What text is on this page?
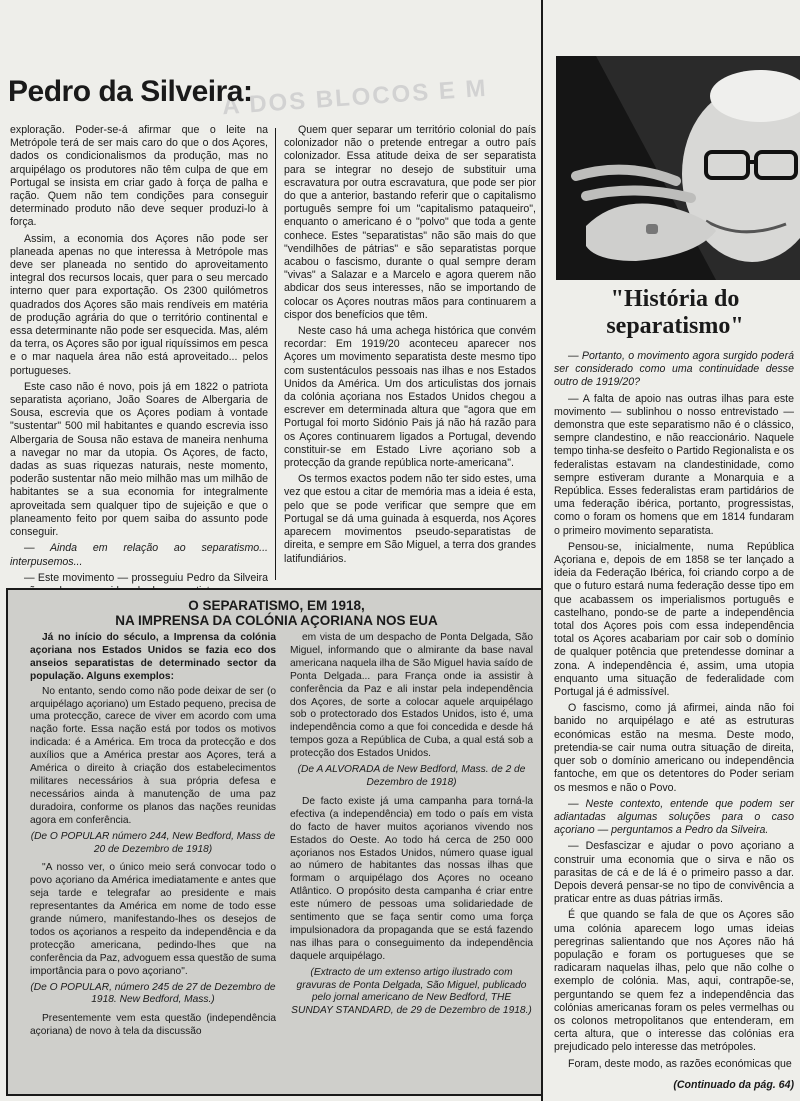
A DOS BLOCOS E M
Pedro da Silveira:

exploração. Poder-se-á afirmar que o leite na Metrópole terá de ser mais caro do que o dos Açores, dados os condicionalismos da produção, mas no arquipélago os produtores não têm culpa de que em Portugal se insista em criar gado à força de palha e ração. Quem não tem condições para conseguir determinado produto não deve sequer produzi-lo à força.

Assim, a economia dos Açores não pode ser planeada apenas no que interessa à Metrópole mas deve ser planeada no sentido do aproveitamento integral dos recursos locais, quer para o seu mercado interno quer para exportação. Os 2300 quilómetros quadrados dos Açores são mais rendíveis em matéria de produção agrária do que o território continental e essa determinante não pode ser esquecida. Mas, além da terra, os Açores são por igual riquíssimos em pesca e o mar naquela área não está aproveitado... pelos portugueses.

Este caso não é novo, pois já em 1822 o patriota separatista açoriano, João Soares de Albergaria de Sousa, escrevia que os Açores podiam à vontade "sustentar" 500 mil habitantes e quando escrevia isso Albergaria de Sousa não estava de maneira nenhuma a navegar no mar da utopia. Os Açores, de facto, dadas as suas riquezas naturais, neste momento, poderão sustentar não meio milhão mas um milhão de habitantes se a sua economia for integralmente aproveitada sem qualquer tipo de sujeição e que o planeamento feito por quem saiba do assunto pode conseguir.

— Ainda em relação ao separatismo... interpusemos...

— Este movimento — prosseguiu Pedro da Silveira

Quem quer separar um território colonial do país colonizador não o pretende entregar a outro país colonizador. Essa atitude deixa de ser separatista para se integrar no desejo de substituir uma escravatura por outra escravatura, que pode ser pior do que a anterior, bastando referir que o capitalismo português sempre foi um "capitalismo pataqueiro", enquanto o americano é o "polvo" que toda a gente conhece. Estes "separatistas" não são mais do que "vendilhões de pátrias" e são separatistas porque acabou o fascismo, durante o qual sempre deram "vivas" a Salazar e a Marcelo e agora querem não abdicar dos seus interesses, não se importando de colocar os Açores noutras mãos para continuarem a cispor dos benefícios que têm.

Neste caso há uma achega histórica que convém recordar: Em 1919/20 aconteceu aparecer nos Açores um movimento separatista deste mesmo tipo com sustentáculos pessoais nas ilhas e nos Estados Unidos da América. Um dos articulistas dos jornais da colónia açoriana nos Estados Unidos chegou a escrever em determinada altura que "agora que em Portugal foi morto Sidónio Pais já não há razão para os Açores continuarem ligados a Portugal, devendo constituir-se em Estado Livre açoriano sob a protecção da grande república norte-americana".

Os termos exactos podem não ter sido estes, uma vez que estou a citar de memória mas a ideia é esta, pelo que se pode verificar que sempre que em Portugal se dá uma guinada à esquerda, nos Açores aparecem movimentos pseudo-separatistas de direita, e sempre em São Miguel, a terra dos grandes latifundiários.

"História do separatismo"

— Portanto, o movimento agora surgido poderá ser considerado como uma continuidade desse outro de 1919/20?

— A falta de apoio nas outras ilhas para este movimento — sublinhou o nosso entrevistado — demonstra que este separatismo não é o clássico, sempre clandestino, e não reaccionário. Naquele tempo tinha-se desfeito o Partido Regionalista e os federalistas estavam na clandestinidade, como sempre estiveram durante a Monarquia e a República. Esses federalistas eram partidários de uma federação ibérica, portanto, progressistas, como o foram os homens que em 1814 fundaram o primeiro movimento separatista.

Pensou-se, inicialmente, numa República Açoriana e, depois de em 1858 se ter lançado a ideia da Federação Ibérica, foi criando corpo a de que o futuro estará numa federação desse tipo em que acabassem os imperialismos português e castelhano, pondo-se de parte a independência total dos Açores pois com essa independência total os Açores acabariam por cair sob o domínio de qualquer potência que pretendesse dominar a zona. A independência é, assim, uma utopia enquanto uma situação de federalidade com Portugal já é admissível.

O fascismo, como já afirmei, ainda não foi banido no arquipélago e até as estruturas económicas estão na mesma. Deste modo, pretendia-se cair numa outra situação de direita, quer sob o domínio americano ou independência fantoche, em que os detentores do Poder seriam os mesmos e não o Povo.

— Neste contexto, entende que podem ser adiantadas algumas soluções para o caso açoriano — perguntamos a Pedro da Silveira.

— Desfascizar e ajudar o povo açoriano a construir uma economia que o sirva e não os parasitas de cá e de lá é o primeiro passo a dar. Depois deverá pensar-se no tipo de convivência a praticar entre as duas pátrias irmãs.

É que quando se fala de que os Açores são uma colónia aparecem logo umas ideias peregrinas salientando que nos Açores não há população e foram os portugueses que se radicaram naquelas ilhas, pelo que não colhe o exemplo de colónia. Mas, aqui, contrapõe-se, perguntando se quem fez a independência das colónias americanas foram os peles vermelhas ou os colonos metropolitanos que entenderam, em certa altura, que o interesse das colónias era prejudicado pelo interesse das metrópoles.

Foram, deste modo, as razões económicas que

(Continuado da pág. 64)

O SEPARATISMO, EM 1918,
NA IMPRENSA DA COLÓNIA AÇORIANA NOS EUA

Já no início do século, a Imprensa da colónia açoriana nos Estados Unidos se fazia eco dos anseios separatistas de determinado sector da população. Alguns exemplos:

No entanto, sendo como não pode deixar de ser (o arquipélago açoriano) um Estado pequeno, precisa de uma protecção, carece de viver em acordo com uma nação forte. Essa nação está por todos os motivos indicada: é a América. Em troca da protecção e dos auxílios que a América prestar aos Açores, terá a América o direito à criação dos estabelecimentos militares necessários à sua própria defesa e necessários ainda à manutenção de uma paz duradoira, conforme os planos das nações reunidas agora em conferência.

(De O POPULAR número 244, New Bedford, Mass de 20 de Dezembro de 1918)

"A nosso ver, o único meio será convocar todo o povo açoriano da América imediatamente e antes que seja tarde e telegrafar ao presidente e mais representantes da América em nome de todo esse grande número, manifestando-lhes os desejos de todos os açorianos a respeito da independência e da protecção americana, pedindo-lhes que na conferência da Paz, advoguem essa questão de suma importância para o povo açoriano".

(De O POPULAR, número 245 de 27 de Dezembro de 1918. New Bedford, Mass.)

Presentemente vem esta questão (independência açoriana) de novo à tela da discussão

em vista de um despacho de Ponta Delgada, São Miguel, informando que o almirante da base naval americana naquela ilha de São Miguel havia saído de Ponta Delgada... para França onde ia assistir à conferência da Paz e ali instar pela independência dos Açores, de sorte a colocar aquele arquipélago sob o protectorado dos Estados Unidos, isto é, uma independência como a que foi concedida e desde há tempos goza a República de Cuba, a qual está sob a protecção dos Estados Unidos.

(De A ALVORADA de New Bedford, Mass. de 2 de Dezembro de 1918)

De facto existe já uma campanha para torná-la efectiva (a independência) em todo o país em vista do facto de haver muitos açorianos vivendo nos Estados do Oeste. Ao todo há cerca de 250 000 açorianos nos Estados Unidos, número quase igual ao número de habitantes das nossas ilhas que formam o arquipélago dos Açores no oceano Atlântico. O propósito desta campanha é criar entre este número de pessoas uma solidariedade de sentimento que se faça sentir como uma força impulsionadora da propaganda que se está fazendo nas ilhas para o conseguimento da independência daquele arquipélago.

(Extracto de um extenso artigo ilustrado com gravuras de Ponta Delgada, São Miguel, publicado pelo jornal americano de New Bedford, THE SUNDAY STANDARD, de 29 de Dezembro de 1918.)
